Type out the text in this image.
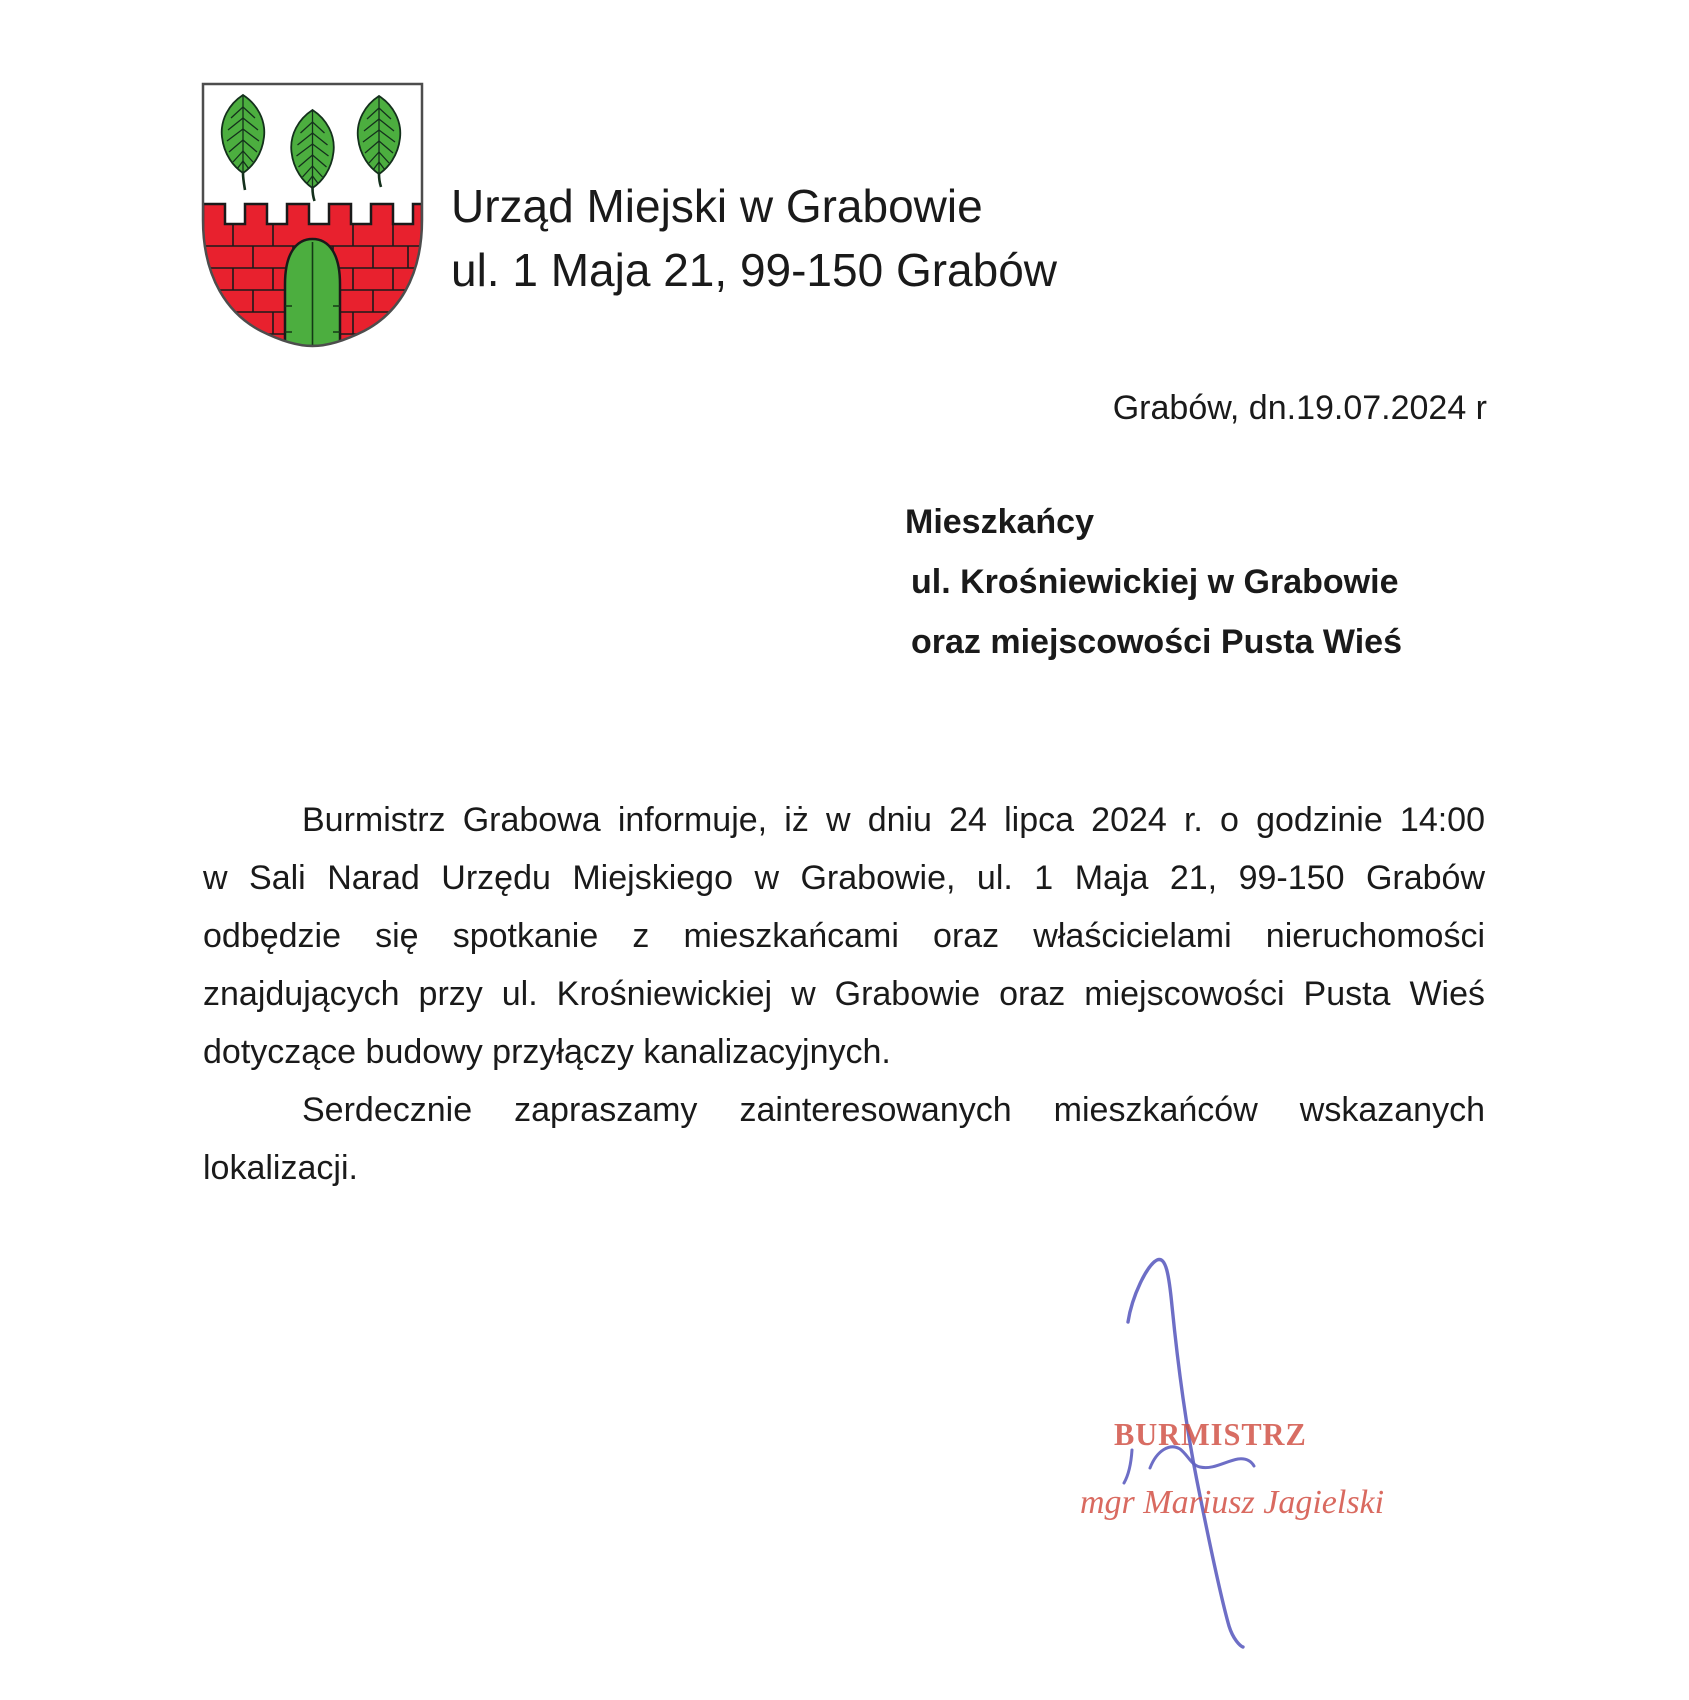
Urząd Miejski w Grabowie
ul. 1 Maja 21, 99-150 Grabów
Grabów, dn.19.07.2024 r
Mieszkańcy
ul. Krośniewickiej w Grabowie
oraz miejscowości Pusta Wieś
Burmistrz Grabowa informuje, iż w dniu 24 lipca 2024 r. o godzinie 14:00
w Sali Narad Urzędu Miejskiego w Grabowie, ul. 1 Maja 21, 99-150 Grabów
odbędzie się spotkanie z mieszkańcami oraz właścicielami nieruchomości
znajdujących przy ul. Krośniewickiej w Grabowie oraz miejscowości Pusta Wieś
dotyczące budowy przyłączy kanalizacyjnych.
Serdecznie zapraszamy zainteresowanych mieszkańców wskazanych
lokalizacji.
BURMISTRZ
mgr Mariusz Jagielski
